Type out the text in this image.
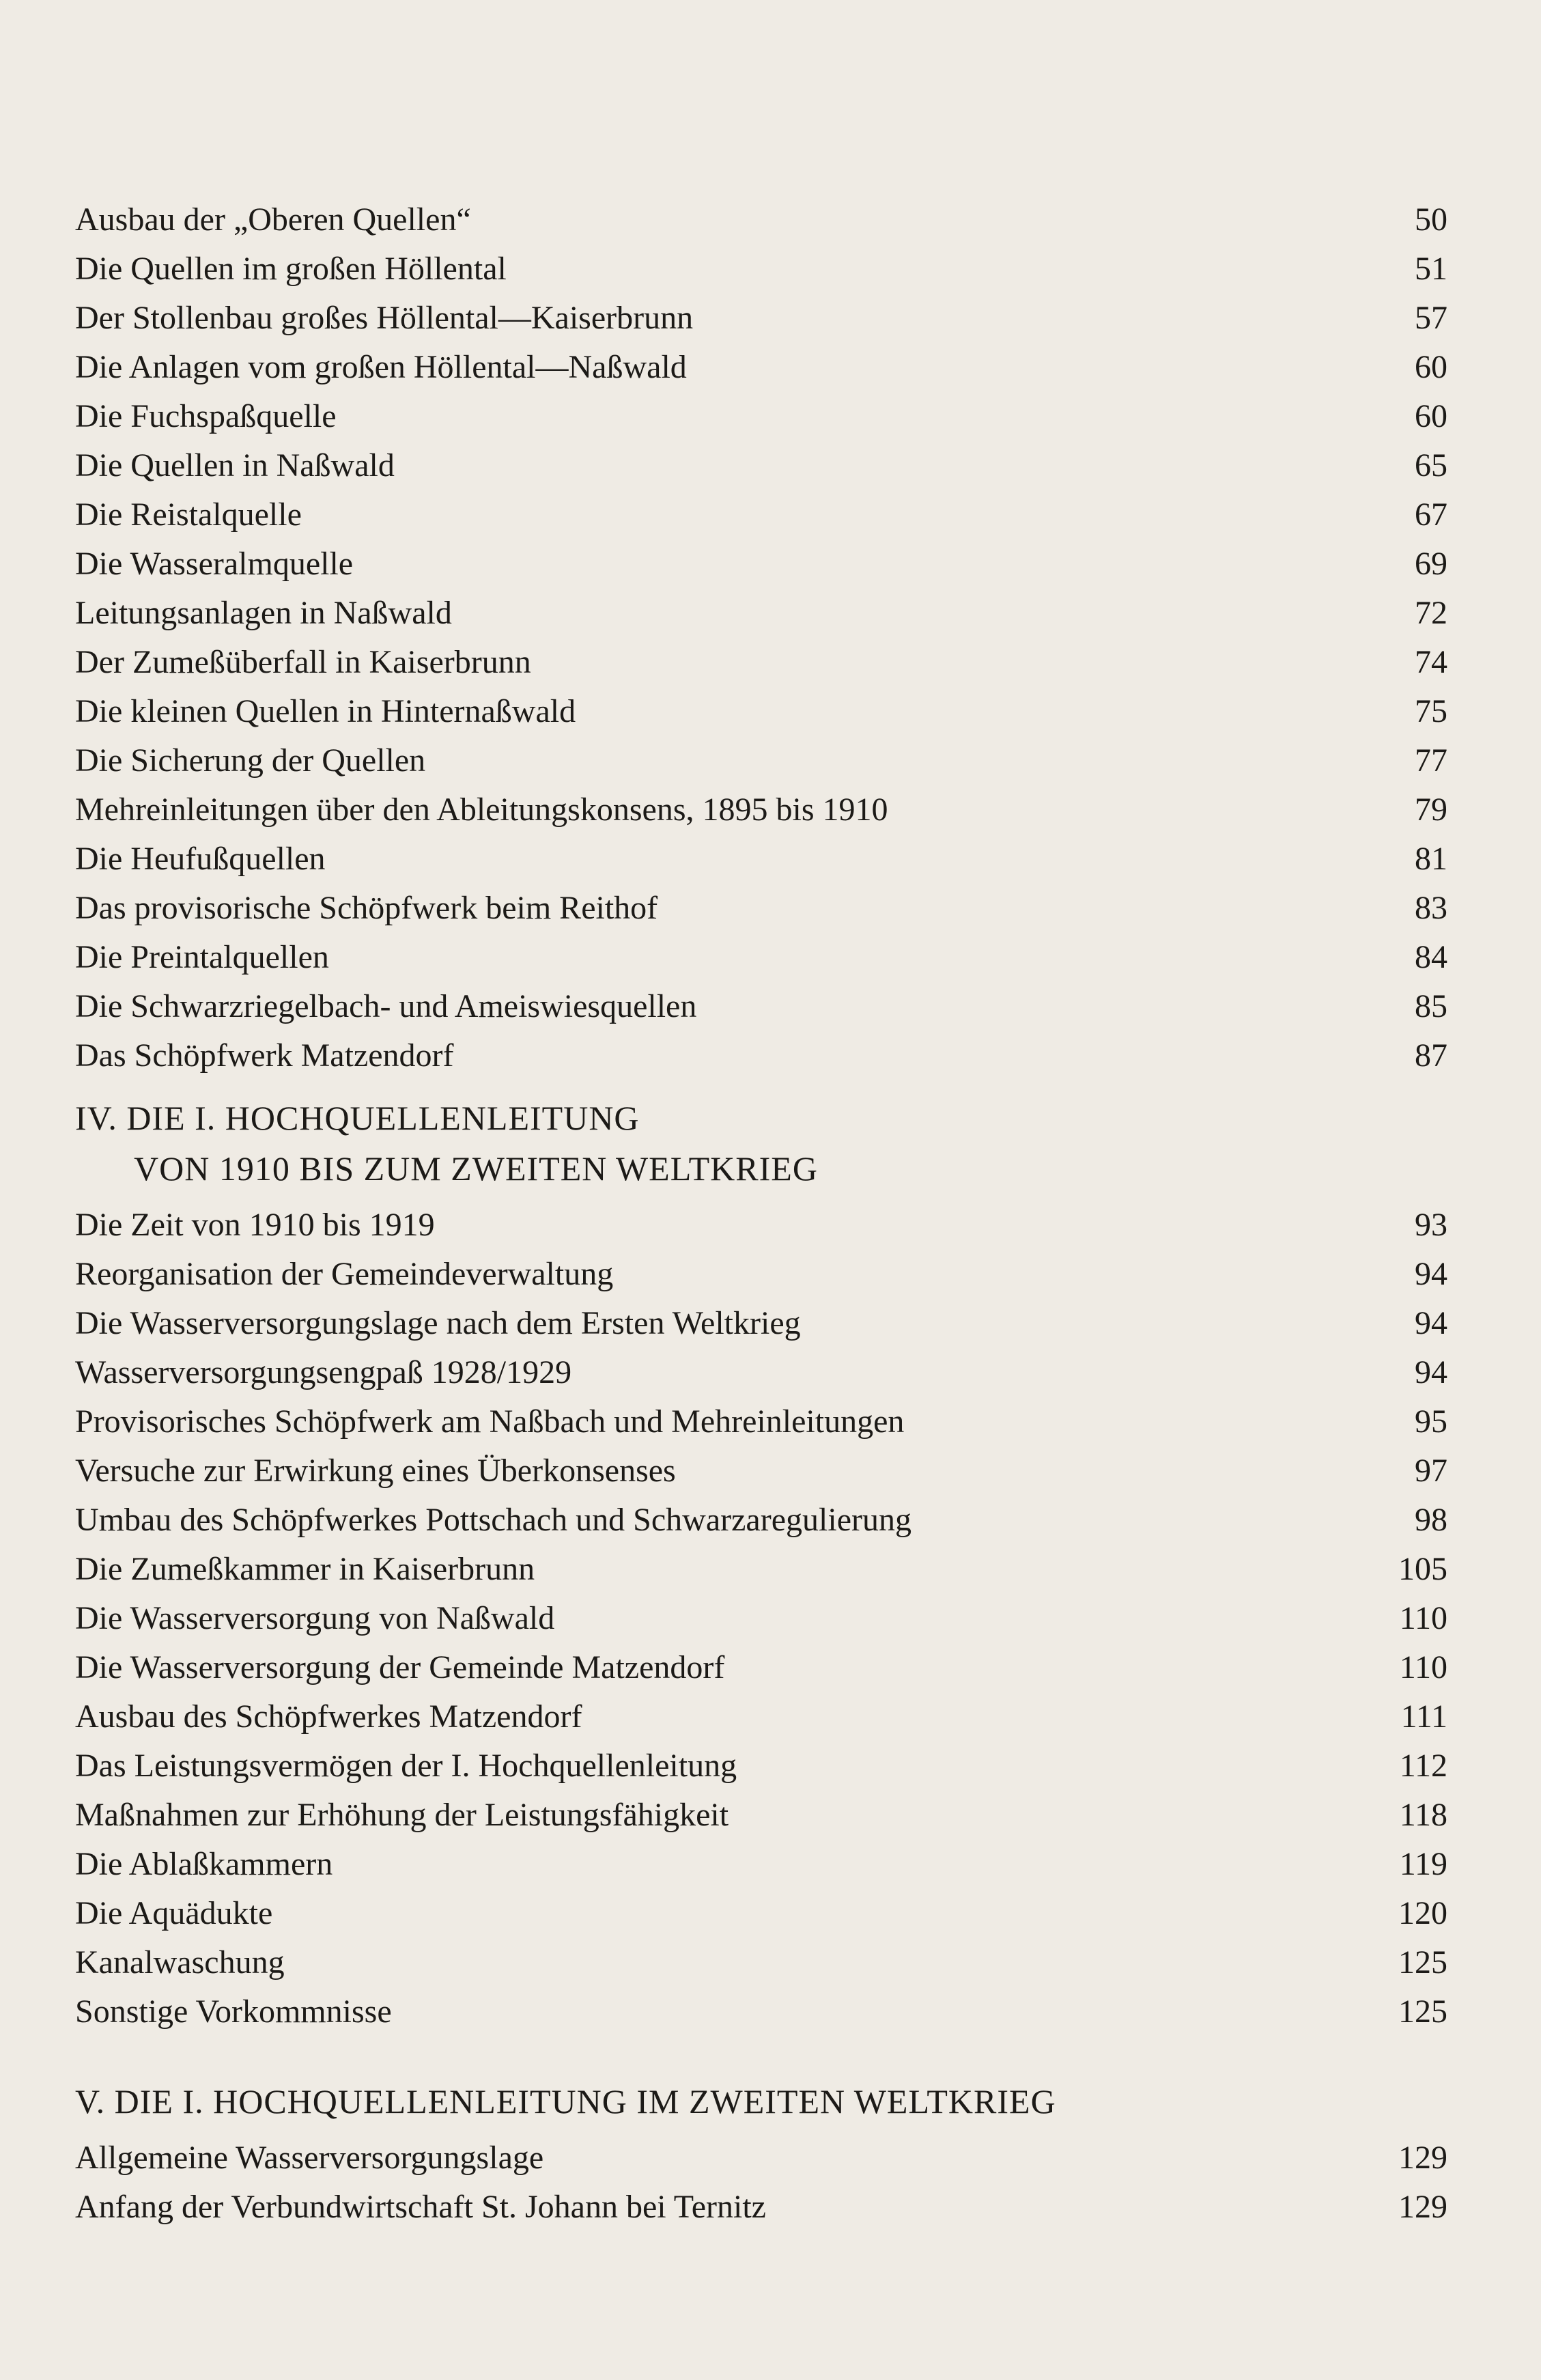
Ausbau der „Oberen Quellen“	50
Die Quellen im großen Höllental	51
Der Stollenbau großes Höllental—Kaiserbrunn	57
Die Anlagen vom großen Höllental—Naßwald	60
Die Fuchspaßquelle	60
Die Quellen in Naßwald	65
Die Reistalquelle	67
Die Wasseralmquelle	69
Leitungsanlagen in Naßwald	72
Der Zumeßüberfall in Kaiserbrunn	74
Die kleinen Quellen in Hinternaßwald	75
Die Sicherung der Quellen	77
Mehreinleitungen über den Ableitungskonsens, 1895 bis 1910	79
Die Heufußquellen	81
Das provisorische Schöpfwerk beim Reithof	83
Die Preintalquellen	84
Die Schwarzriegelbach- und Ameiswiesquellen	85
Das Schöpfwerk Matzendorf	87
IV. DIE I. HOCHQUELLENLEITUNG
VON 1910 BIS ZUM ZWEITEN WELTKRIEG
Die Zeit von 1910 bis 1919	93
Reorganisation der Gemeindeverwaltung	94
Die Wasserversorgungslage nach dem Ersten Weltkrieg	94
Wasserversorgungsengpaß 1928/1929	94
Provisorisches Schöpfwerk am Naßbach und Mehreinleitungen	95
Versuche zur Erwirkung eines Überkonsenses	97
Umbau des Schöpfwerkes Pottschach und Schwarzaregulierung	98
Die Zumeßkammer in Kaiserbrunn	105
Die Wasserversorgung von Naßwald	110
Die Wasserversorgung der Gemeinde Matzendorf	110
Ausbau des Schöpfwerkes Matzendorf	111
Das Leistungsvermögen der I. Hochquellenleitung	112
Maßnahmen zur Erhöhung der Leistungsfähigkeit	118
Die Ablaßkammern	119
Die Aquädukte	120
Kanalwaschung	125
Sonstige Vorkommnisse	125
V. DIE I. HOCHQUELLENLEITUNG IM ZWEITEN WELTKRIEG
Allgemeine Wasserversorgungslage	129
Anfang der Verbundwirtschaft St. Johann bei Ternitz	129
